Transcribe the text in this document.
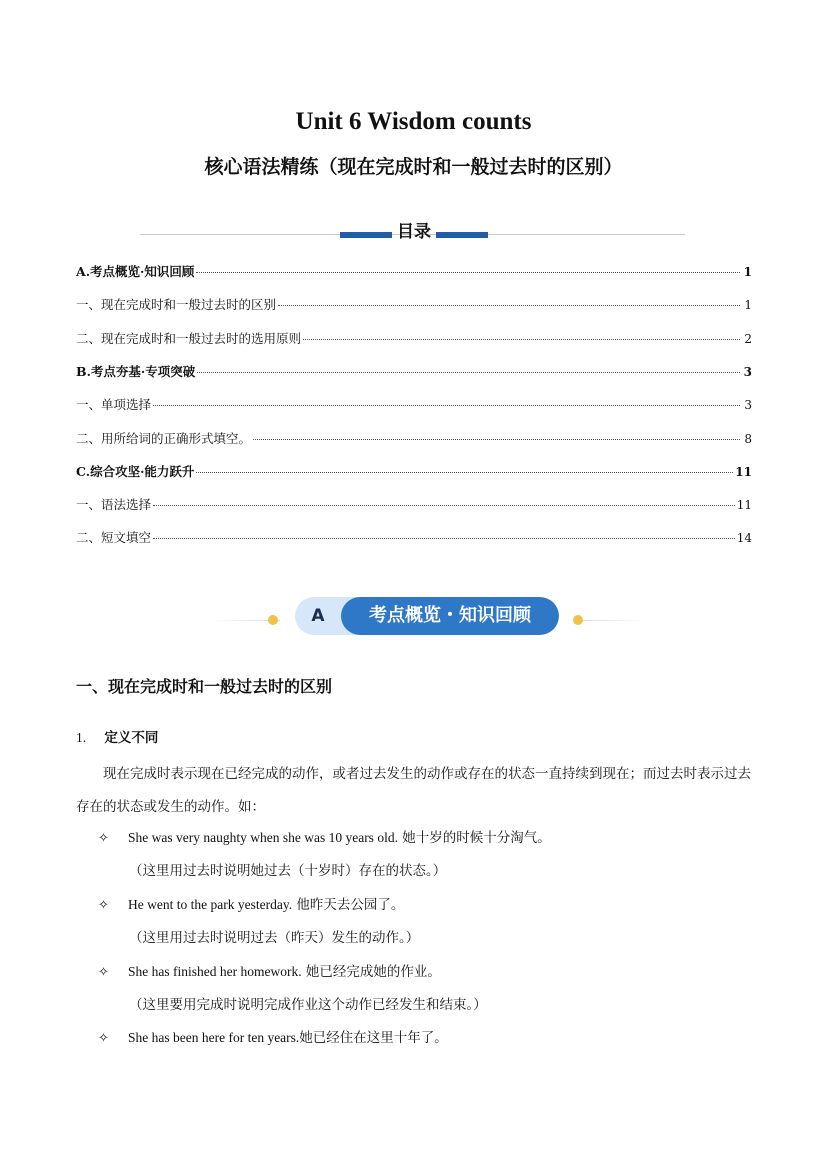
Unit 6 Wisdom counts
核心语法精练（现在完成时和一般过去时的区别）
目录
A.考点概览·知识回顾	1
一、现在完成时和一般过去时的区别	1
二、现在完成时和一般过去时的选用原则	2
B.考点夯基·专项突破	3
一、单项选择	3
二、用所给词的正确形式填空。	8
C.综合攻坚·能力跃升	11
一、语法选择	11
二、短文填空	14
A	考点概览・知识回顾
一、现在完成时和一般过去时的区别
1. 定义不同

现在完成时表示现在已经完成的动作，或者过去发生的动作或存在的状态一直持续到现在；而过去时表示过去存在的状态或发生的动作。如：

✧ She was very naughty when she was 10 years old. 她十岁的时候十分淘气。
（这里用过去时说明她过去（十岁时）存在的状态。）
✧ He went to the park yesterday. 他昨天去公园了。
（这里用过去时说明过去（昨天）发生的动作。）
✧ She has finished her homework. 她已经完成她的作业。
（这里要用完成时说明完成作业这个动作已经发生和结束。）
✧ She has been here for ten years.她已经住在这里十年了。
